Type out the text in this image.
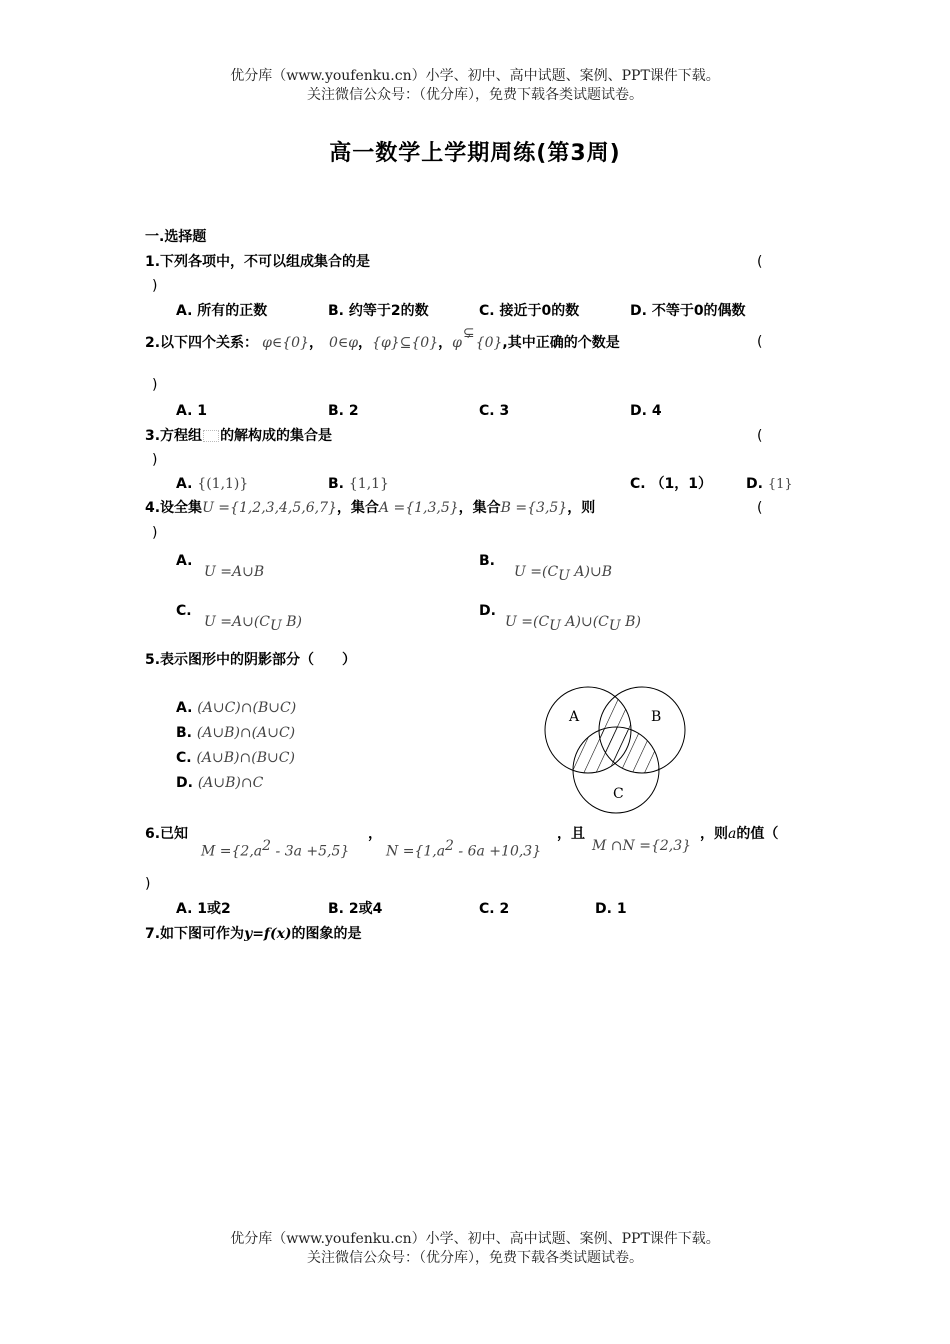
优分库（www.youfenku.cn）小学、初中、高中试题、案例、PPT课件下载。
关注微信公众号：（优分库），免费下载各类试题试卷。
高一数学上学期周练(第3周)
一.选择题
1.下列各项中，不可以组成集合的是	(
)
A. 所有的正数	B. 约等于2的数	C. 接近于0的数	D. 不等于0的偶数
2.以下四个关系： φ∈{0}， 0∈φ，{φ}⊆{0}，φ⊊{0},其中正确的个数是	(
)
A. 1	B. 2	C. 3	D. 4
3.方程组 的解构成的集合是	(
)
A. {(1,1)}	B. {1,1}	C. （1，1） D. {1}
4.设全集U ={1,2,3,4,5,6,7}，集合A ={1,3,5}，集合B ={3,5}，则	(
)
A.
U =A∪B
B.
$U =(C_U$ A)∪B
C.
$U =A\cup(C_U$ B)
D.
$U =(C_U$ $A)\cup(C_U$ B)
5.表示图形中的阴影部分（　　）
A. (A∪C)∩(B∪C)
B. (A∪B)∩(A∪C)
C. (A∪B)∩(B∪C)
D. (A∪B)∩C
A	B
C
6.已知
$M =\{2,a^2 - 3a +5,5\}$
，
$N =\{1,a^2 - 6a +10,3\}$
，且
M ∩N ={2,3}
，则a的值（
)
A. 1或2	B. 2或4	C. 2	D. 1
7.如下图可作为y=f(x)的图象的是
优分库（www.youfenku.cn）小学、初中、高中试题、案例、PPT课件下载。
关注微信公众号：（优分库），免费下载各类试题试卷。
